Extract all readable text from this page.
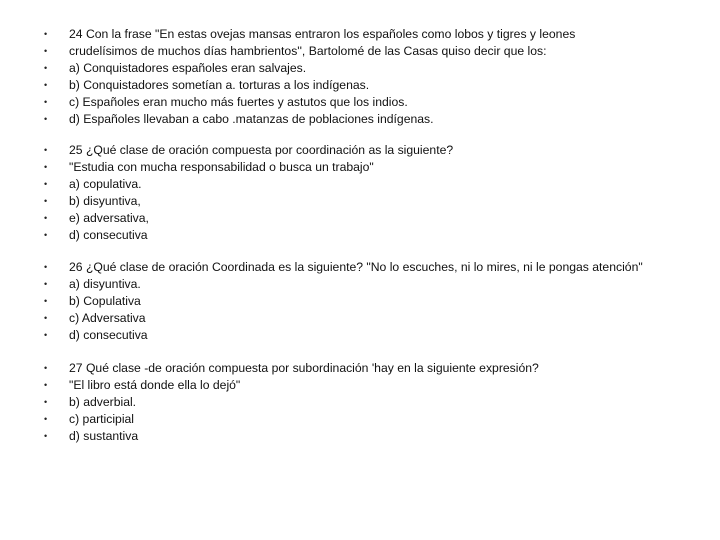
•	24 Con la frase "En estas ovejas mansas entraron los españoles como lobos y tigres y leones
•	crudelísimos de muchos días hambrientos'', Bartolomé de las Casas quiso decir que los:
•	a) Conquistadores españoles eran salvajes.
•	b) Conquistadores sometían a. torturas a los indígenas.
•	c) Españoles eran mucho más fuertes y astutos que los indios.
•	d) Españoles llevaban a cabo .matanzas de poblaciones indígenas.
•	25 ¿Qué clase de oración compuesta por coordinación as la siguiente?
•	"Estudia con mucha responsabilidad o busca un trabajo"
•	a) copulativa.
•	b) disyuntiva,
•	e) adversativa,
•	d) consecutiva
•	26 ¿Qué clase de oración Coordinada es la siguiente? "No lo escuches, ni lo mires, ni le pongas atención"
•	a) disyuntiva.
•	b) Copulativa
•	c) Adversativa
•	d) consecutiva
•	27 Qué clase -de oración compuesta por subordinación 'hay en la siguiente expresión?
•	"El libro está donde ella lo dejó"
•	b) adverbial.
•	c) participial
•	d) sustantiva
